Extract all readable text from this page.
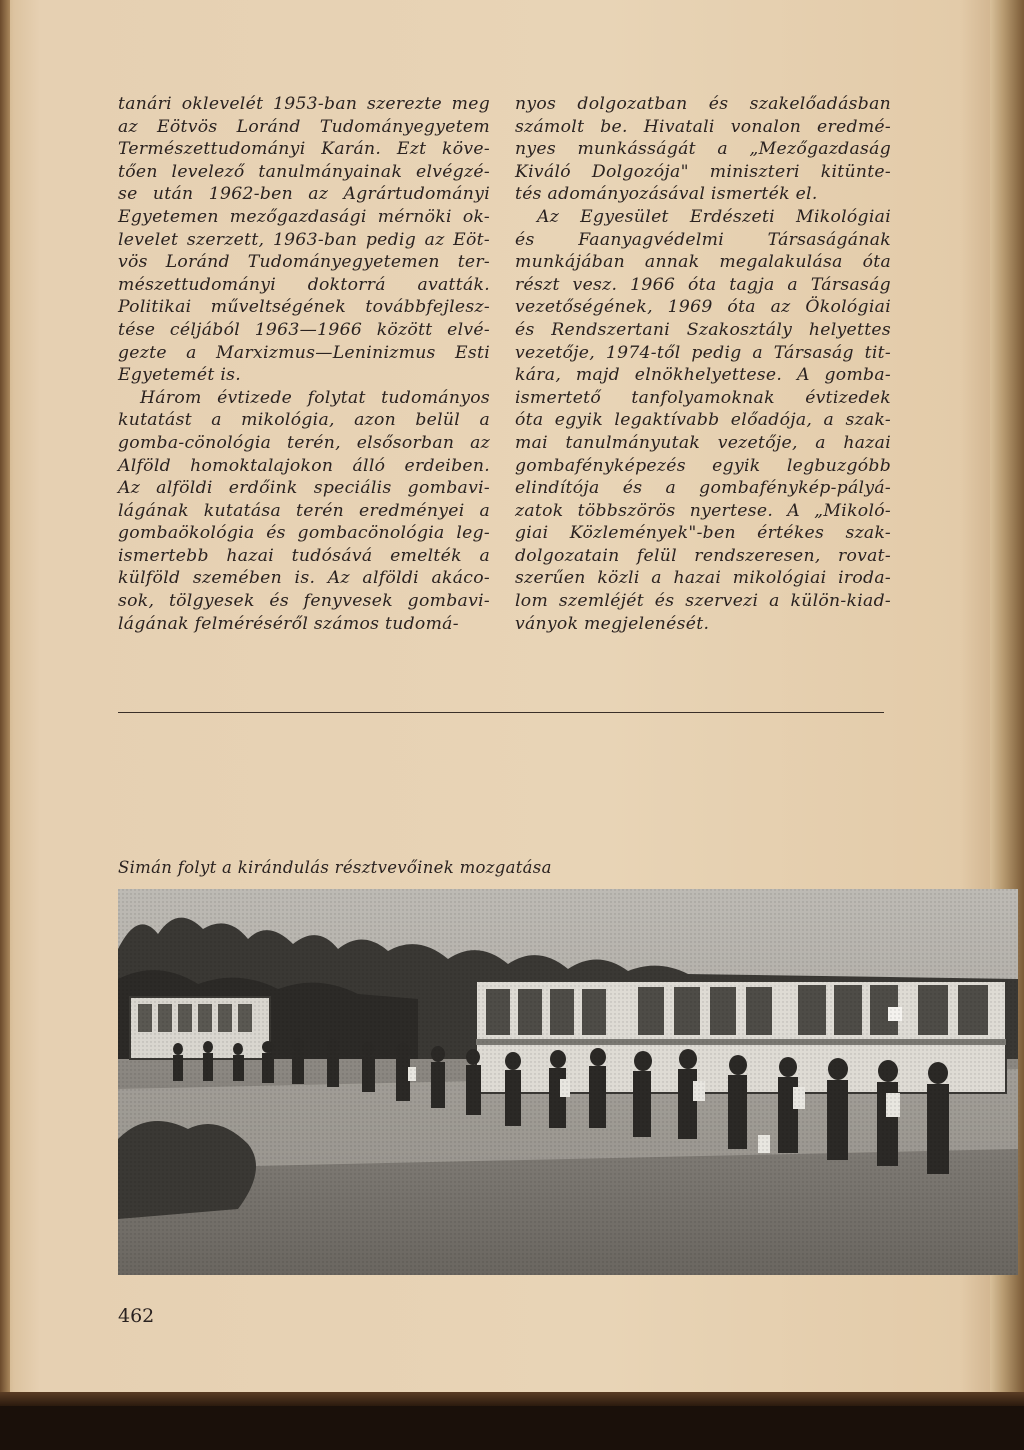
tanári oklevelét 1953-ban szerezte meg
az Eötvös Loránd Tudományegyetem
Természettudományi Karán. Ezt köve-
tően levelező tanulmányainak elvégzé-
se után 1962-ben az Agrártudományi
Egyetemen mezőgazdasági mérnöki ok-
levelet szerzett, 1963-ban pedig az Eöt-
vös Loránd Tudományegyetemen ter-
mészettudományi doktorrá avatták.
Politikai műveltségének továbbfejlesz-
tése céljából 1963—1966 között elvé-
gezte a Marxizmus—Leninizmus Esti
Egyetemét is.
Három évtizede folytat tudományos
kutatást a mikológia, azon belül a
gomba-cönológia terén, elsősorban az
Alföld homoktalajokon álló erdeiben.
Az alföldi erdőink speciális gombavi-
lágának kutatása terén eredményei a
gombaökológia és gombacönológia leg-
ismertebb hazai tudósává emelték a
külföld szemében is. Az alföldi akáco-
sok, tölgyesek és fenyvesek gombavi-
lágának felméréséről számos tudomá-
nyos dolgozatban és szakelőadásban
számolt be. Hivatali vonalon eredmé-
nyes munkásságát a „Mezőgazdaság
Kiváló Dolgozója" miniszteri kitünte-
tés adományozásával ismerték el.
Az Egyesület Erdészeti Mikológiai
és Faanyagvédelmi Társaságának
munkájában annak megalakulása óta
részt vesz. 1966 óta tagja a Társaság
vezetőségének, 1969 óta az Ökológiai
és Rendszertani Szakosztály helyettes
vezetője, 1974-től pedig a Társaság tit-
kára, majd elnökhelyettese. A gomba-
ismertető tanfolyamoknak évtizedek
óta egyik legaktívabb előadója, a szak-
mai tanulmányutak vezetője, a hazai
gombafényképezés egyik legbuzgóbb
elindítója és a gombafénykép-pályá-
zatok többszörös nyertese. A „Mikoló-
giai Közlemények"-ben értékes szak-
dolgozatain felül rendszeresen, rovat-
szerűen közli a hazai mikológiai iroda-
lom szemléjét és szervezi a külön-kiad-
ványok megjelenését.
Simán folyt a kirándulás résztvevőinek mozgatása
462
